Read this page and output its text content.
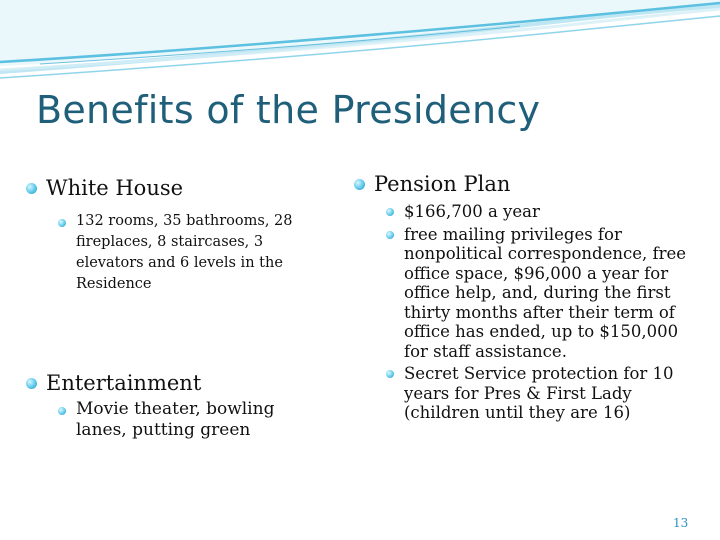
Benefits of the Presidency
White House
132 rooms, 35 bathrooms, 28 fireplaces, 8 staircases, 3 elevators and 6 levels in the Residence
Entertainment
Movie theater, bowling lanes, putting green
Pension Plan
$166,700 a year
free mailing privileges for nonpolitical correspondence, free office space, $96,000 a year for office help, and, during the first thirty months after their term of office has ended, up to $150,000 for staff assistance.
Secret Service protection for 10 years for Pres & First Lady (children until they are 16)
13
